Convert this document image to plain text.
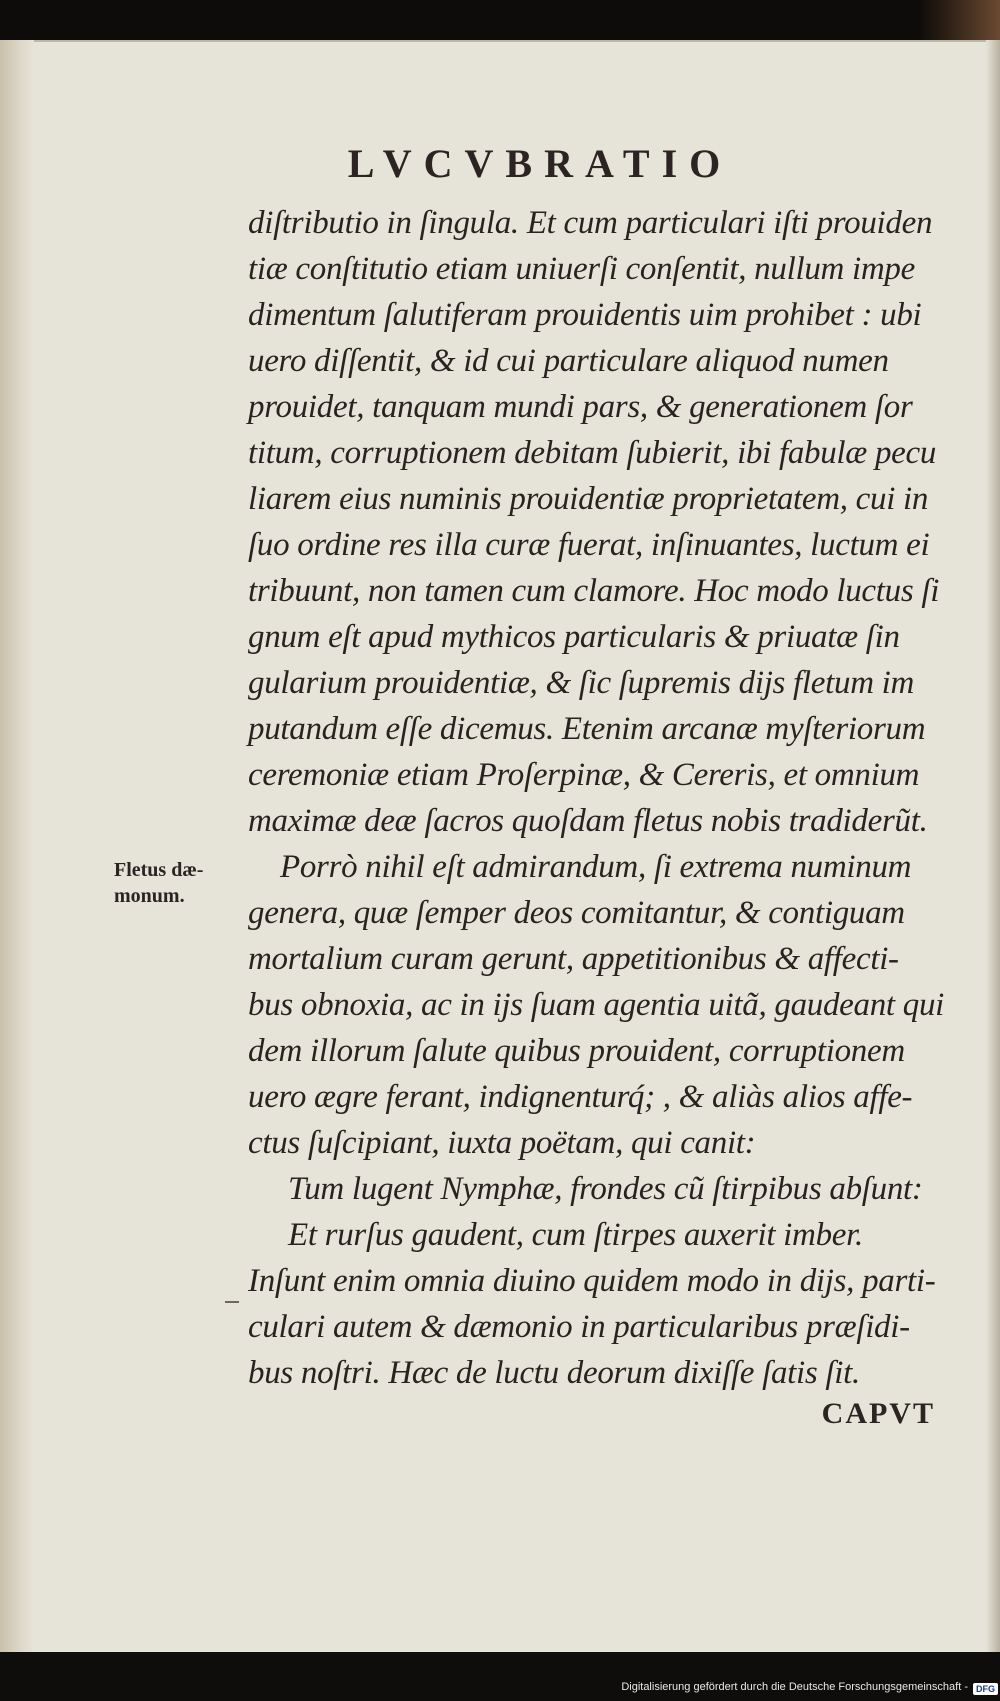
LVCVBRATIO
Fletus dæ-
monum.
diſtributio in ſingula. Et cum particulari iſti prouiden
tiæ conſtitutio etiam uniuerſi conſentit, nullum impe
dimentum ſalutiferam prouidentis uim prohibet : ubi
uero diſſentit, & id cui particulare aliquod numen
prouidet, tanquam mundi pars, & generationem ſor
titum, corruptionem debitam ſubierit, ibi fabulæ pecu
liarem eius numinis prouidentiæ proprietatem, cui in
ſuo ordine res illa curæ fuerat, inſinuantes, luctum ei
tribuunt, non tamen cum clamore. Hoc modo luctus ſi
gnum eſt apud mythicos particularis & priuatæ ſin
gularium prouidentiæ, & ſic ſupremis dijs fletum im
putandum eſſe dicemus. Etenim arcanæ myſteriorum
ceremoniæ etiam Proſerpinæ, & Cereris, et omnium
maximæ deæ ſacros quoſdam fletus nobis tradiderũt.
Porrò nihil eſt admirandum, ſi extrema numinum
genera, quæ ſemper deos comitantur, & contiguam
mortalium curam gerunt, appetitionibus & affecti-
bus obnoxia, ac in ijs ſuam agentia uitã, gaudeant qui
dem illorum ſalute quibus prouident, corruptionem
uero ægre ferant, indignenturq́; , & aliàs alios affe-
ctus ſuſcipiant, iuxta poëtam, qui canit:
Tum lugent Nymphæ, frondes cũ ſtirpibus abſunt:
Et rurſus gaudent, cum ſtirpes auxerit imber.
Inſunt enim omnia diuino quidem modo in dijs, parti-
culari autem & dæmonio in particularibus præſidi-
bus noſtri. Hæc de luctu deorum dixiſſe ſatis ſit.
CAPVT
Digitalisierung gefördert durch die Deutsche Forschungsgemeinschaft - DFG
